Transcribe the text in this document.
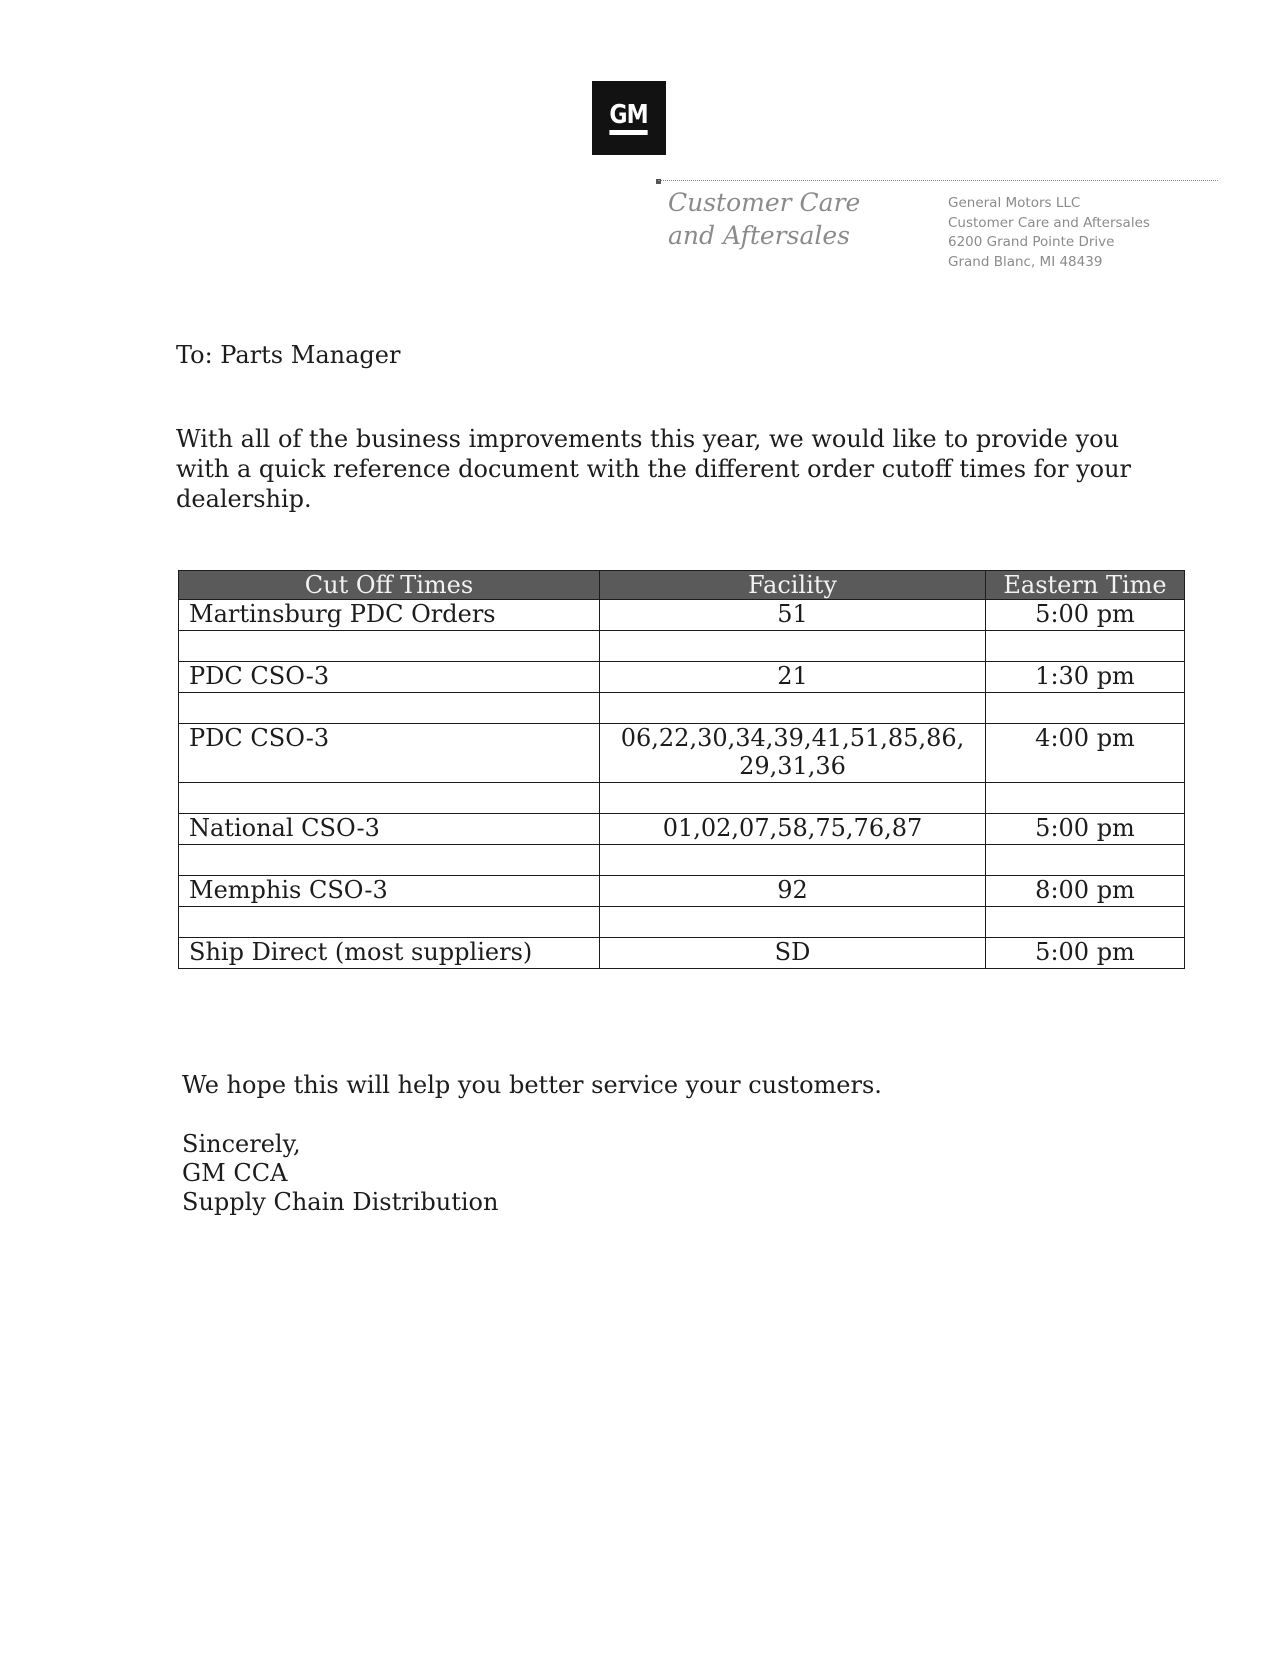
GM
Customer Care and Aftersales
General Motors LLC
Customer Care and Aftersales
6200 Grand Pointe Drive
Grand Blanc, MI 48439
To: Parts Manager
With all of the business improvements this year, we would like to provide you with a quick reference document with the different order cutoff times for your dealership.
Cut Off Times	Facility	Eastern Time
Martinsburg PDC Orders	51	5:00 pm

PDC CSO-3	21	1:30 pm

PDC CSO-3	06,22,30,34,39,41,51,85,86, 29,31,36	4:00 pm

National CSO-3	01,02,07,58,75,76,87	5:00 pm

Memphis CSO-3	92	8:00 pm

Ship Direct (most suppliers)	SD	5:00 pm
We hope this will help you better service your customers.
Sincerely,
GM CCA
Supply Chain Distribution
